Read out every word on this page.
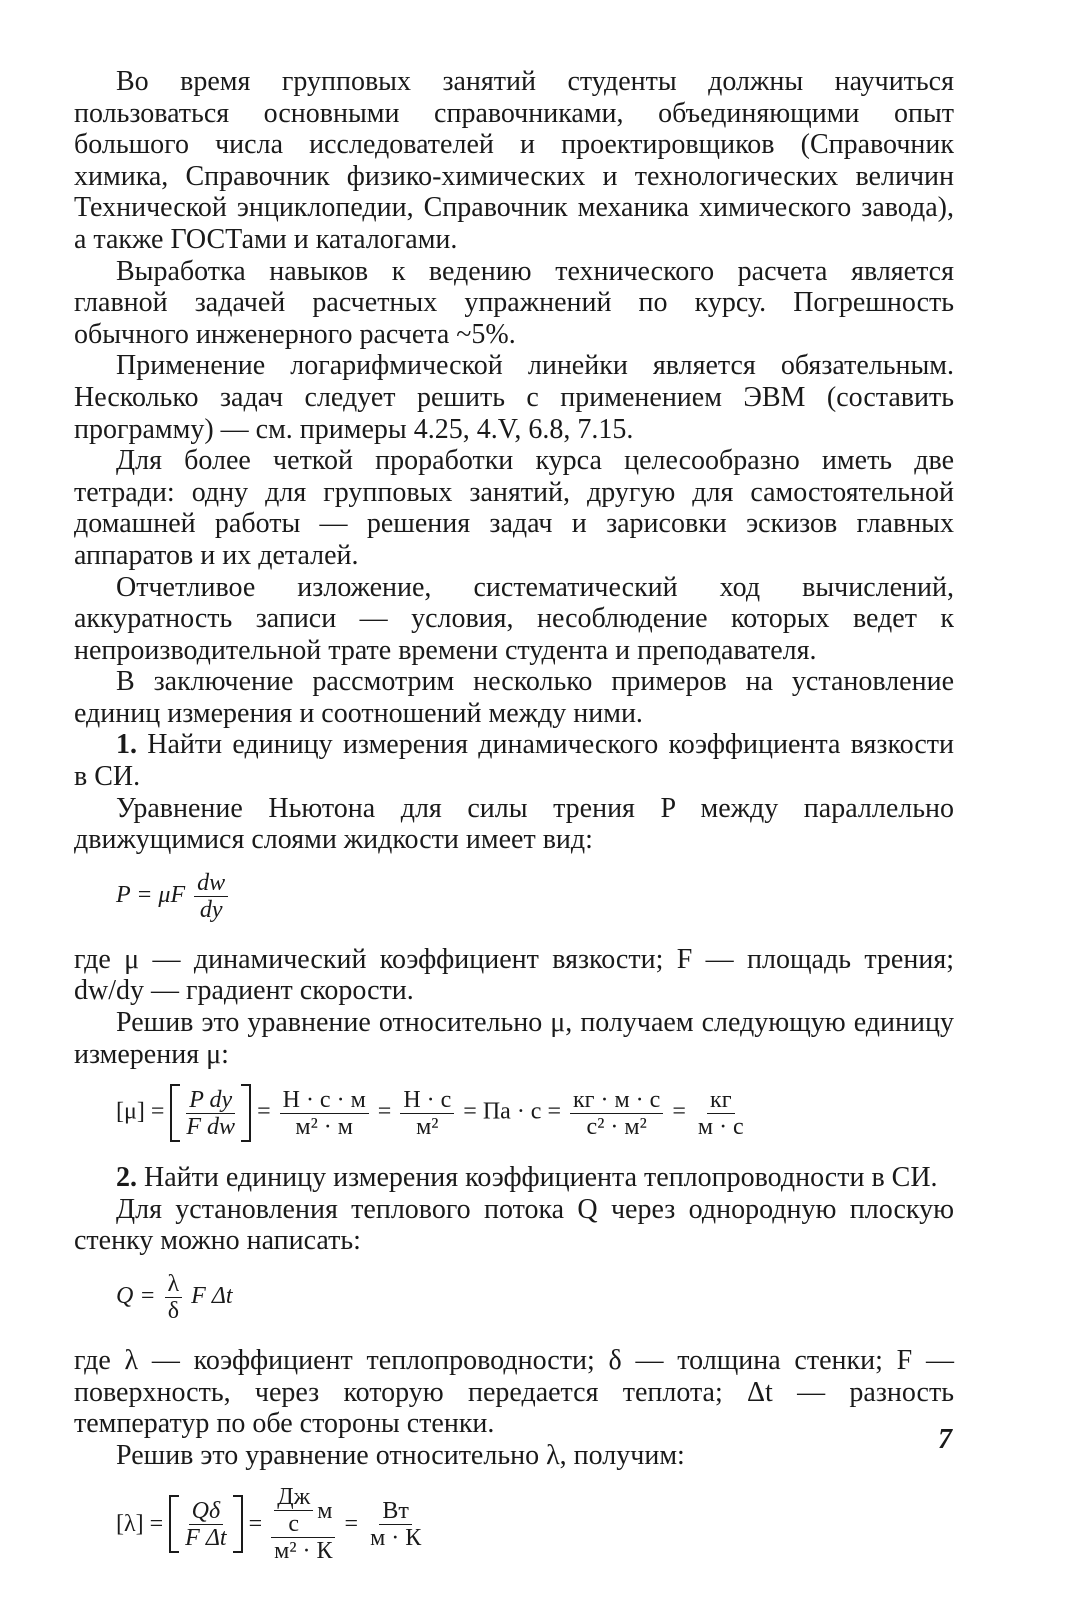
Во время групповых занятий студенты должны научиться пользоваться основными справочниками, объединяющими опыт большого числа исследователей и проектировщиков (Справочник химика, Справочник физико-химических и технологических величин Технической энциклопедии, Справочник механика химического завода), а также ГОСТами и каталогами.

Выработка навыков к ведению технического расчета является главной задачей расчетных упражнений по курсу. Погрешность обычного инженерного расчета ~5%.

Применение логарифмической линейки является обязательным. Несколько задач следует решить с применением ЭВМ (составить программу) — см. примеры 4.25, 4.V, 6.8, 7.15.

Для более четкой проработки курса целесообразно иметь две тетради: одну для групповых занятий, другую для самостоятельной домашней работы — решения задач и зарисовки эскизов главных аппаратов и их деталей.

Отчетливое изложение, систематический ход вычислений, аккуратность записи — условия, несоблюдение которых ведет к непроизводительной трате времени студента и преподавателя.

В заключение рассмотрим несколько примеров на установление единиц измерения и соотношений между ними.

1. Найти единицу измерения динамического коэффициента вязкости в СИ.

Уравнение Ньютона для силы трения P между параллельно движущимися слоями жидкости имеет вид:

P = μF $\frac{dw}{dy}$

где μ — динамический коэффициент вязкости; F — площадь трения; dw/dy — градиент скорости.

Решив это уравнение относительно μ, получаем следующую единицу измерения μ:

$[\mu] = \frac{\text{P dy}}{\text{F dw}} = \frac{Н \cdot с \cdot м}{\text{м² · м}} = \frac{Н \cdot с}{\text{м²}}$ = Па · $с = \frac{кг \cdot м \cdot с}{\text{с² · м²}} = \frac{кг}{м \cdot с}$

2. Найти единицу измерения коэффициента теплопроводности в СИ.

Для установления теплового потока Q через однородную плоскую стенку можно написать:

$Q = \frac{\lambda}{\delta}$ F Δt

где λ — коэффициент теплопроводности; δ — толщина стенки; F — поверхность, через которую передается теплота; Δt — разность температур по обе стороны стенки.

Решив это уравнение относительно λ, получим:

$[\lambda] = \frac{Q\delta}{\text{F Δt}} = \frac{\frac{Дж}{с} м}{\text{м² · К}} = \frac{Вт}{м \cdot К}$
7
